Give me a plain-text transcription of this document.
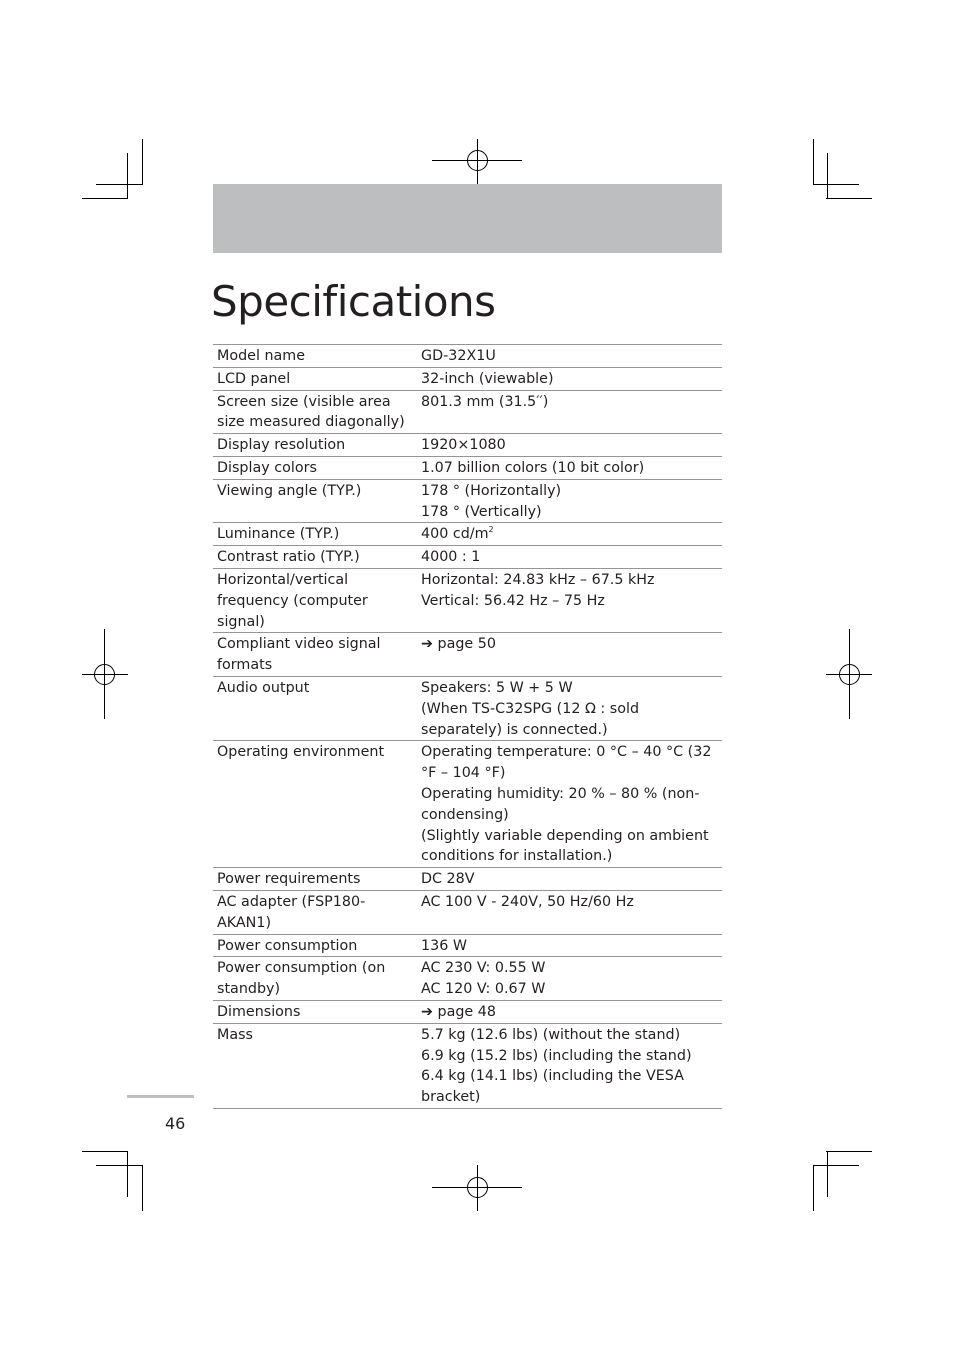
Specifications
Model name	GD-32X1U

LCD panel	32-inch (viewable)

Screen size (visible area size measured diagonally)	801.3 mm (31.5′′)

Display resolution	1920×1080

Display colors	1.07 billion colors (10 bit color)

Viewing angle (TYP.)	178 ° (Horizontally)
178 ° (Vertically)

Luminance (TYP.)	400 $cd/m^2$

Contrast ratio (TYP.)	4000 : 1

Horizontal/vertical frequency (computer signal)	Horizontal: 24.83 kHz – 67.5 kHz
Vertical: 56.42 Hz – 75 Hz

Compliant video signal formats	➔ page 50

Audio output	Speakers: 5 W + 5 W
(When TS-C32SPG (12 Ω : sold separately) is connected.)

Operating environment	Operating temperature: 0 °C – 40 °C (32 °F – 104 °F)
Operating humidity: 20 % – 80 % (non-condensing)
(Slightly variable depending on ambient conditions for installation.)

Power requirements	DC 28V

AC adapter (FSP180-AKAN1)	AC 100 V - 240V, 50 Hz/60 Hz

Power consumption	136 W

Power consumption (on standby)	AC 230 V: 0.55 W
AC 120 V: 0.67 W

Dimensions	➔ page 48

Mass	5.7 kg (12.6 lbs) (without the stand)
6.9 kg (15.2 lbs) (including the stand)
6.4 kg (14.1 lbs) (including the VESA bracket)
46
